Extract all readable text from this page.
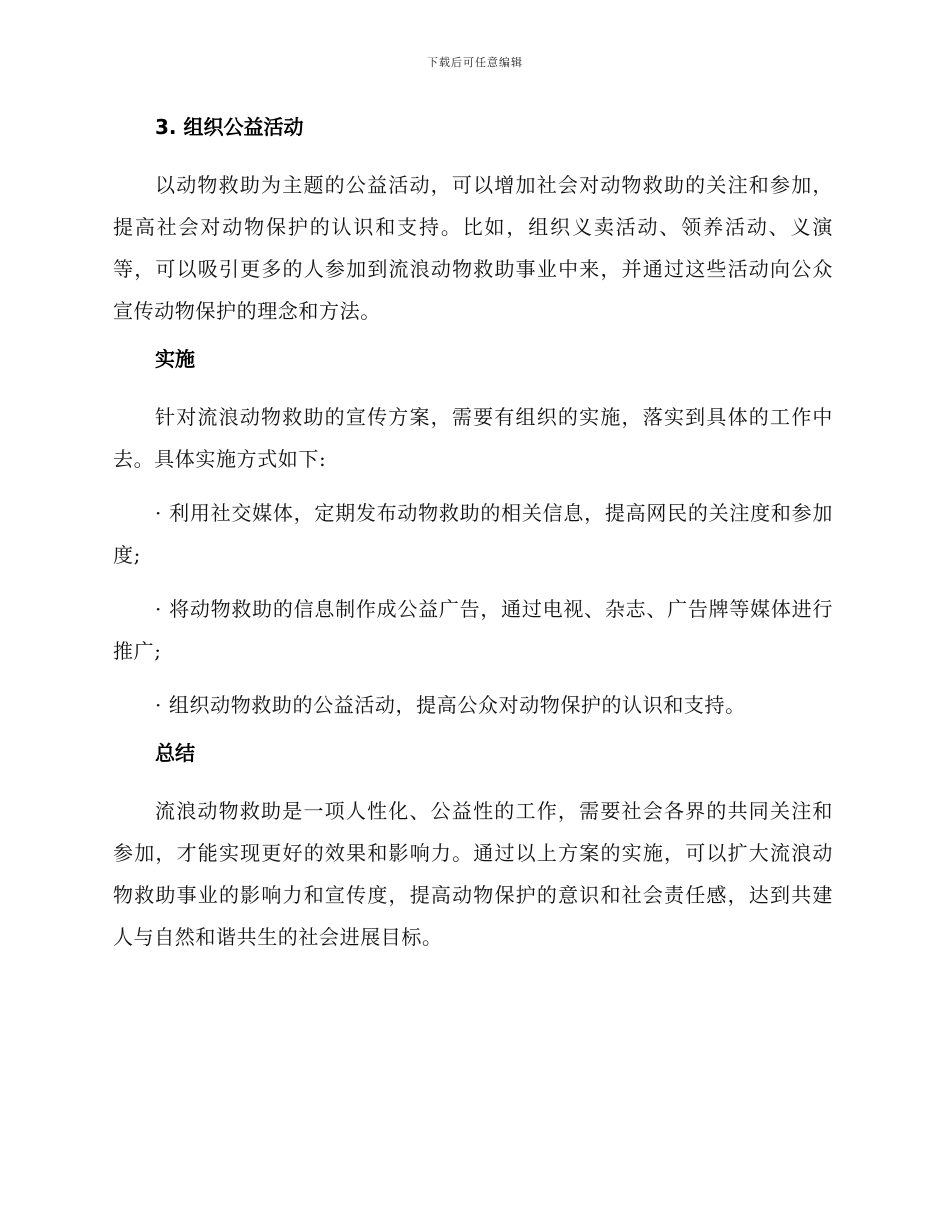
下载后可任意编辑
3. 组织公益活动

以动物救助为主题的公益活动，可以增加社会对动物救助的关注和参加，提高社会对动物保护的认识和支持。比如，组织义卖活动、领养活动、义演等，可以吸引更多的人参加到流浪动物救助事业中来，并通过这些活动向公众宣传动物保护的理念和方法。

实施

针对流浪动物救助的宣传方案，需要有组织的实施，落实到具体的工作中去。具体实施方式如下:

· 利用社交媒体，定期发布动物救助的相关信息，提高网民的关注度和参加度;

· 将动物救助的信息制作成公益广告，通过电视、杂志、广告牌等媒体进行推广;

· 组织动物救助的公益活动，提高公众对动物保护的认识和支持。

总结

流浪动物救助是一项人性化、公益性的工作，需要社会各界的共同关注和参加，才能实现更好的效果和影响力。通过以上方案的实施，可以扩大流浪动物救助事业的影响力和宣传度，提高动物保护的意识和社会责任感，达到共建人与自然和谐共生的社会进展目标。
